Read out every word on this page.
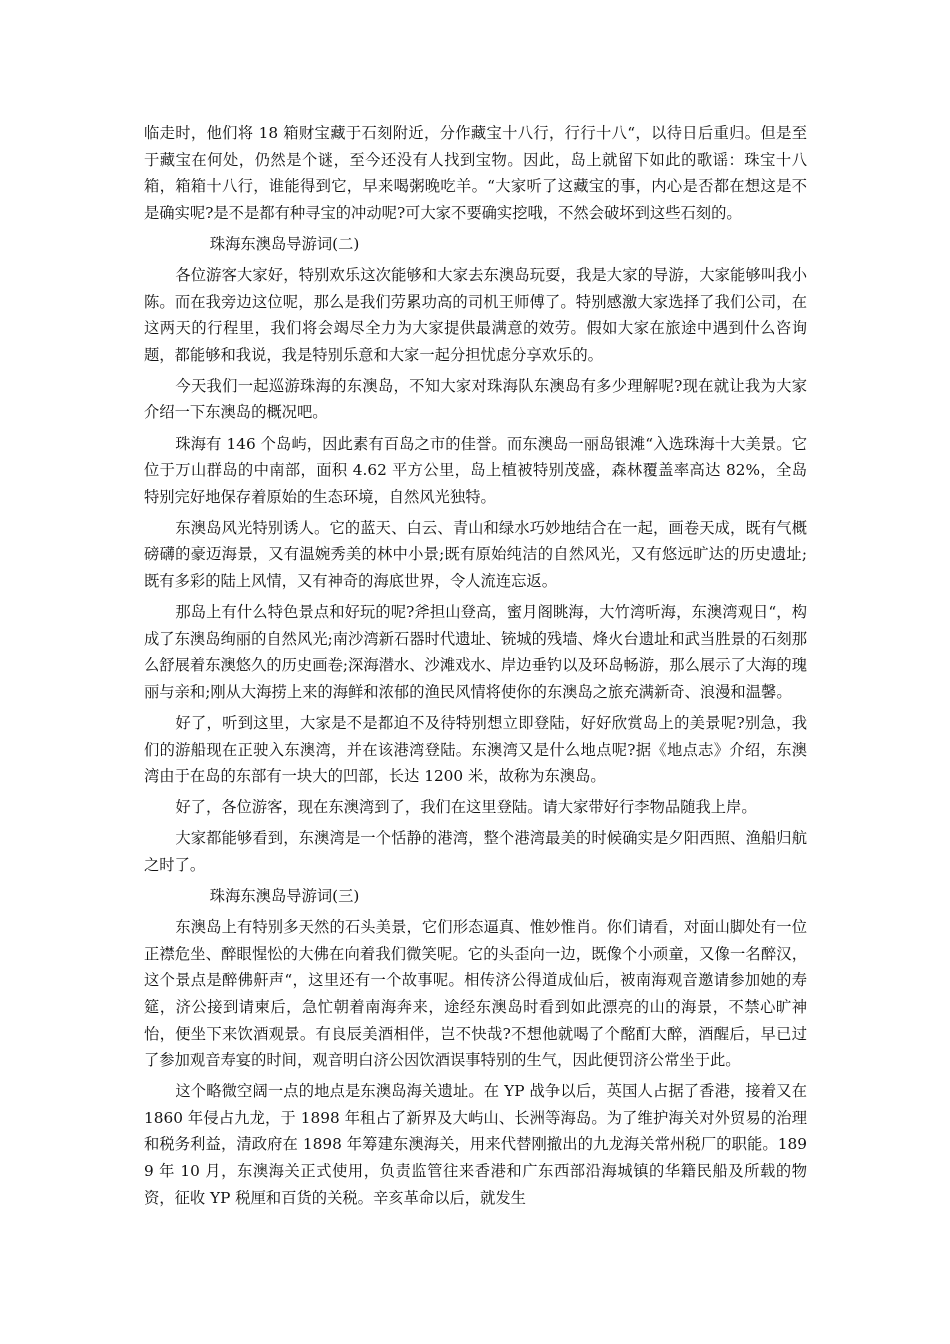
临走时，他们将 18 箱财宝藏于石刻附近，分作藏宝十八行，行行十八“，以待日后重归。但是至于藏宝在何处，仍然是个谜，至今还没有人找到宝物。因此，岛上就留下如此的歌谣：珠宝十八箱，箱箱十八行，谁能得到它，早来喝粥晚吃羊。“大家听了这藏宝的事，内心是否都在想这是不是确实呢?是不是都有种寻宝的冲动呢?可大家不要确实挖哦，不然会破坏到这些石刻的。

珠海东澳岛导游词(二)

各位游客大家好，特别欢乐这次能够和大家去东澳岛玩耍，我是大家的导游，大家能够叫我小陈。而在我旁边这位呢，那么是我们劳累功高的司机王师傅了。特别感激大家选择了我们公司，在这两天的行程里，我们将会竭尽全力为大家提供最满意的效劳。假如大家在旅途中遇到什么咨询题，都能够和我说，我是特别乐意和大家一起分担忧虑分享欢乐的。

今天我们一起巡游珠海的东澳岛，不知大家对珠海队东澳岛有多少理解呢?现在就让我为大家介绍一下东澳岛的概况吧。

珠海有 146 个岛屿，因此素有百岛之市的佳誉。而东澳岛一丽岛银滩“入选珠海十大美景。它位于万山群岛的中南部，面积 4.62 平方公里，岛上植被特别茂盛，森林覆盖率高达 82%，全岛特别完好地保存着原始的生态环境，自然风光独特。

东澳岛风光特别诱人。它的蓝天、白云、青山和绿水巧妙地结合在一起，画卷天成，既有气概磅礴的豪迈海景，又有温婉秀美的林中小景;既有原始纯洁的自然风光，又有悠远旷达的历史遗址;既有多彩的陆上风情，又有神奇的海底世界，令人流连忘返。

那岛上有什么特色景点和好玩的呢?斧担山登高，蜜月阁眺海，大竹湾听海，东澳湾观日“，构成了东澳岛绚丽的自然风光;南沙湾新石器时代遗址、铳城的残墙、烽火台遗址和武当胜景的石刻那么舒展着东澳悠久的历史画卷;深海潜水、沙滩戏水、岸边垂钓以及环岛畅游，那么展示了大海的瑰丽与亲和;刚从大海捞上来的海鲜和浓郁的渔民风情将使你的东澳岛之旅充满新奇、浪漫和温馨。

好了，听到这里，大家是不是都迫不及待特别想立即登陆，好好欣赏岛上的美景呢?别急，我们的游船现在正驶入东澳湾，并在该港湾登陆。东澳湾又是什么地点呢?据《地点志》介绍，东澳湾由于在岛的东部有一块大的凹部，长达 1200 米，故称为东澳岛。

好了，各位游客，现在东澳湾到了，我们在这里登陆。请大家带好行李物品随我上岸。

大家都能够看到，东澳湾是一个恬静的港湾，整个港湾最美的时候确实是夕阳西照、渔船归航之时了。

珠海东澳岛导游词(三)

东澳岛上有特别多天然的石头美景，它们形态逼真、惟妙惟肖。你们请看，对面山脚处有一位正襟危坐、醉眼惺忪的大佛在向着我们微笑呢。它的头歪向一边，既像个小顽童，又像一名醉汉，这个景点是醉佛鼾声“，这里还有一个故事呢。相传济公得道成仙后，被南海观音邀请参加她的寿筵，济公接到请柬后，急忙朝着南海奔来，途经东澳岛时看到如此漂亮的山的海景，不禁心旷神怡，便坐下来饮酒观景。有良辰美酒相伴，岂不快哉?不想他就喝了个酩酊大醉，酒醒后，早已过了参加观音寿宴的时间，观音明白济公因饮酒误事特别的生气，因此便罚济公常坐于此。

这个略微空阔一点的地点是东澳岛海关遗址。在 YP 战争以后，英国人占据了香港，接着又在 1860 年侵占九龙，于 1898 年租占了新界及大屿山、长洲等海岛。为了维护海关对外贸易的治理和税务利益，清政府在 1898 年筹建东澳海关，用来代替刚撤出的九龙海关常州税厂的职能。1899 年 10 月，东澳海关正式使用，负责监管往来香港和广东西部沿海城镇的华籍民船及所载的物资，征收 YP 税厘和百货的关税。辛亥革命以后，就发生
